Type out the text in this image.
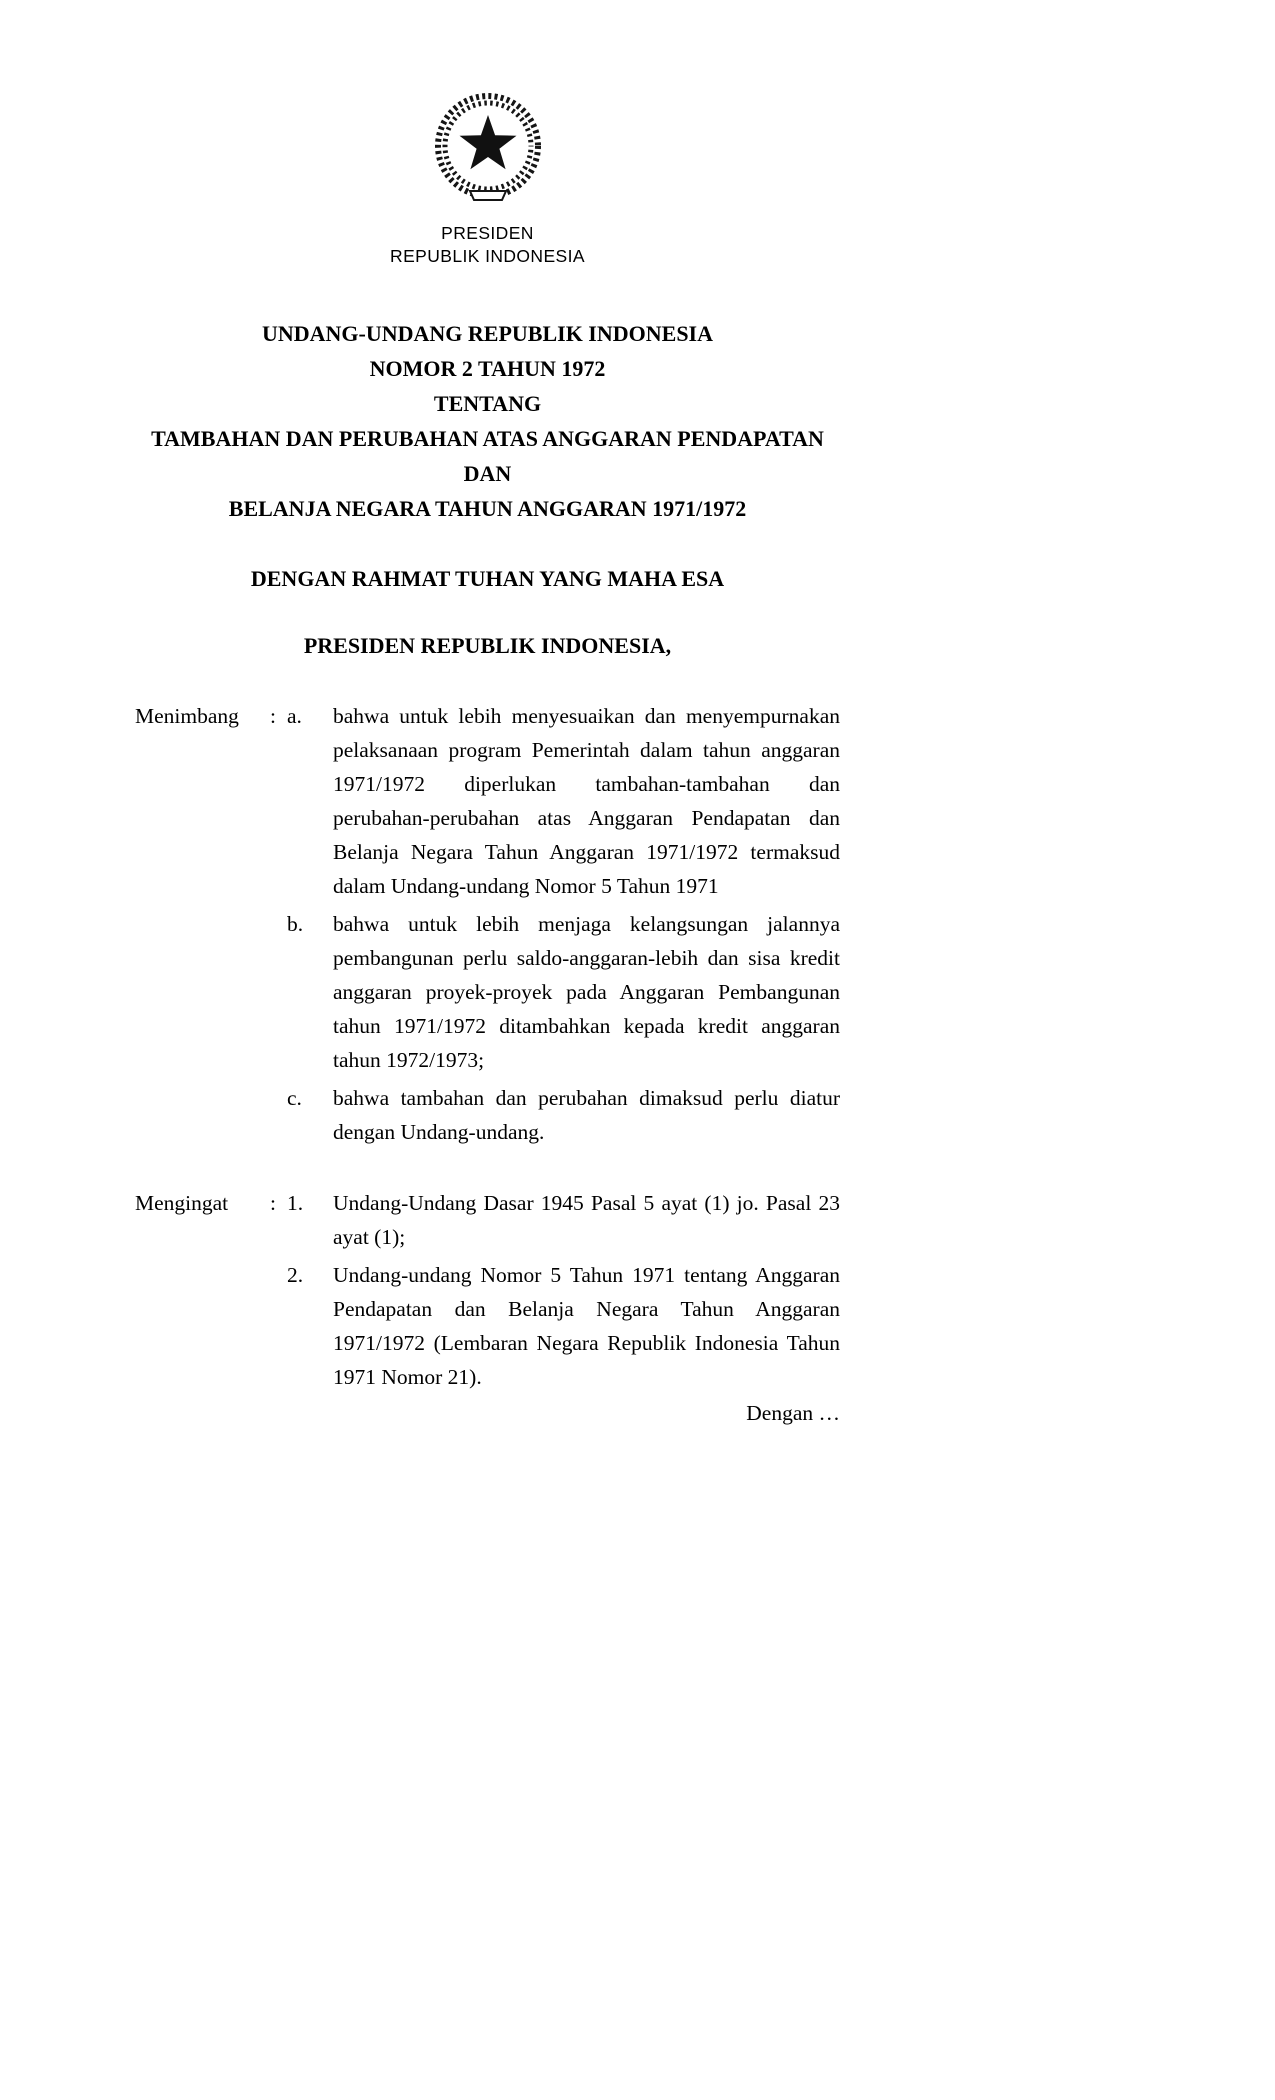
PRESIDEN
REPUBLIK INDONESIA
UNDANG-UNDANG REPUBLIK INDONESIA
NOMOR 2 TAHUN 1972
TENTANG
TAMBAHAN DAN PERUBAHAN ATAS ANGGARAN PENDAPATAN DAN
BELANJA NEGARA TAHUN ANGGARAN 1971/1972
DENGAN RAHMAT TUHAN YANG MAHA ESA
PRESIDEN REPUBLIK INDONESIA,
Menimbang	: a.	bahwa untuk lebih menyesuaikan dan menyempurnakan pelaksanaan program Pemerintah dalam tahun anggaran 1971/1972 diperlukan tambahan-tambahan dan perubahan-perubahan atas Anggaran Pendapatan dan Belanja Negara Tahun Anggaran 1971/1972 termaksud dalam Undang-undang Nomor 5 Tahun 1971
b.	bahwa untuk lebih menjaga kelangsungan jalannya pembangunan perlu saldo-anggaran-lebih dan sisa kredit anggaran proyek-proyek pada Anggaran Pembangunan tahun 1971/1972 ditambahkan kepada kredit anggaran tahun 1972/1973;
c.	bahwa tambahan dan perubahan dimaksud perlu diatur dengan Undang-undang.
Mengingat	: 1.	Undang-Undang Dasar 1945 Pasal 5 ayat (1) jo. Pasal 23 ayat (1);
2.	Undang-undang Nomor 5 Tahun 1971 tentang Anggaran Pendapatan dan Belanja Negara Tahun Anggaran 1971/1972 (Lembaran Negara Republik Indonesia Tahun 1971 Nomor 21).
Dengan …
